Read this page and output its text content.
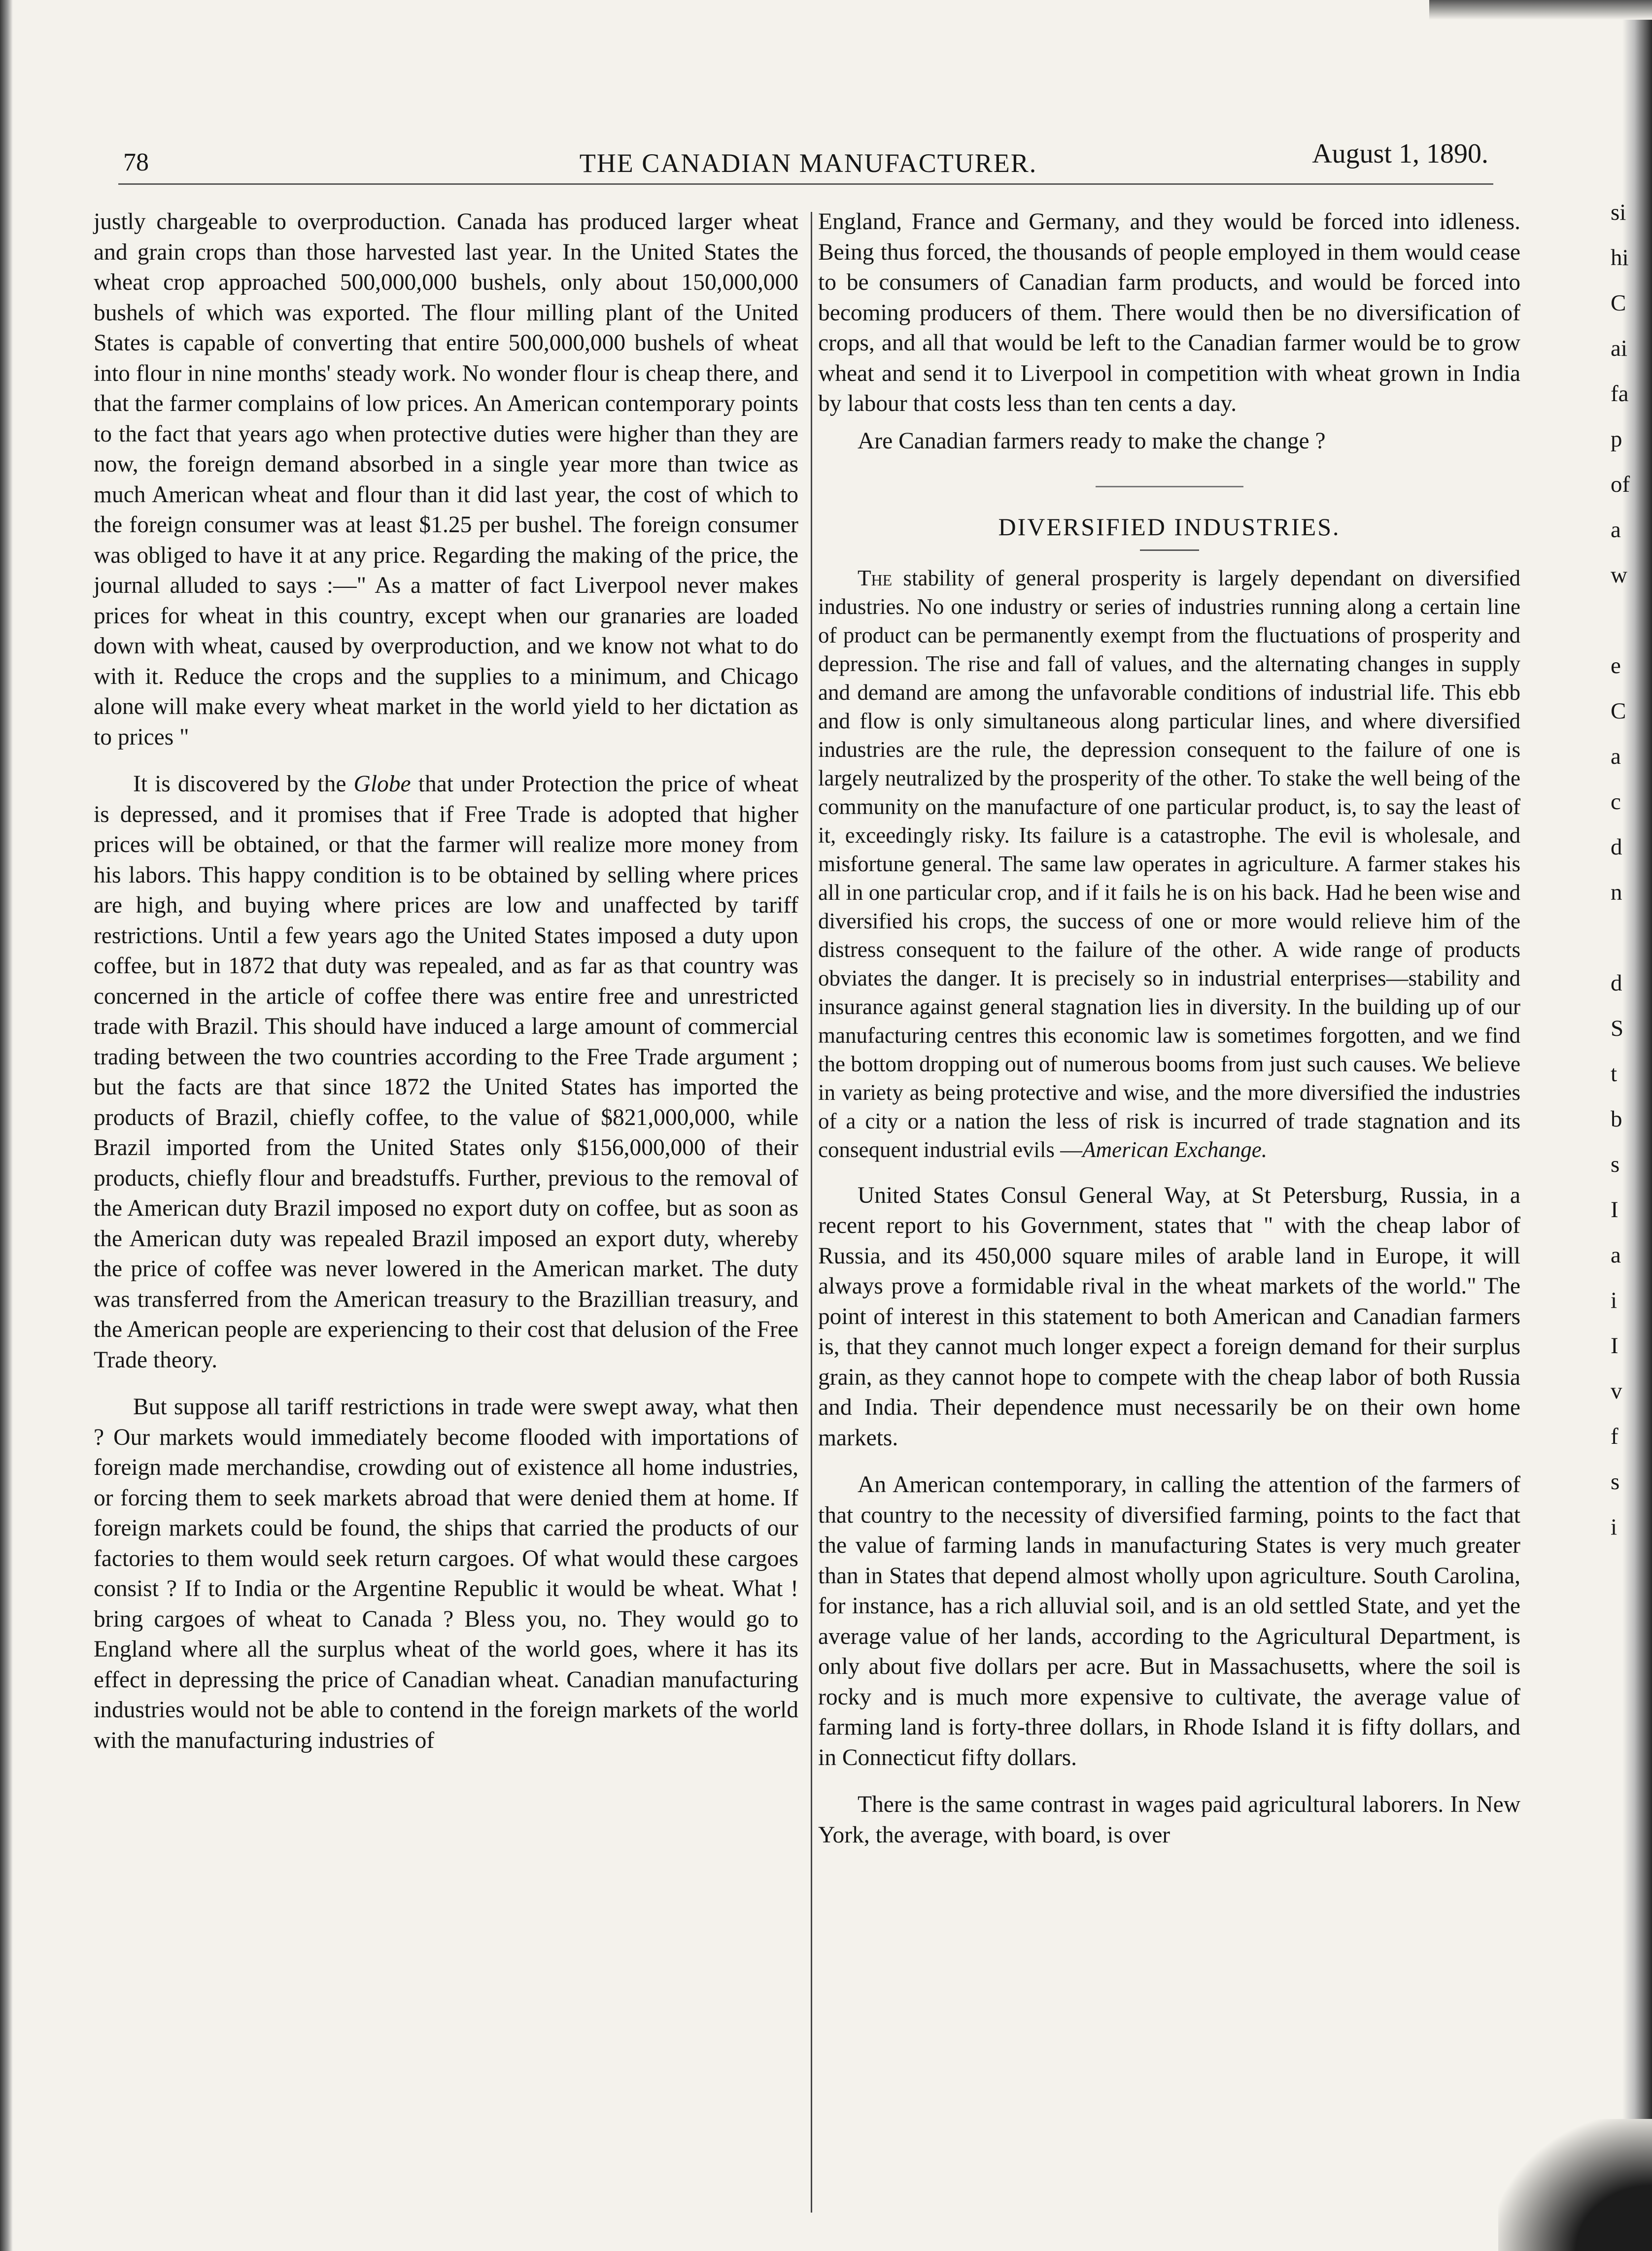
78	THE CANADIAN MANUFACTURER.	August 1, 1890.

justly chargeable to overproduction. Canada has produced larger wheat and grain crops than those harvested last year. In the United States the wheat crop approached 500,000,000 bushels, only about 150,000,000 bushels of which was exported. The flour milling plant of the United States is capable of converting that entire 500,000,000 bushels of wheat into flour in nine months' steady work. No wonder flour is cheap there, and that the farmer complains of low prices. An American contemporary points to the fact that years ago when protective duties were higher than they are now, the foreign demand absorbed in a single year more than twice as much American wheat and flour than it did last year, the cost of which to the foreign consumer was at least $1.25 per bushel. The foreign consumer was obliged to have it at any price. Regarding the making of the price, the journal alluded to says :—" As a matter of fact Liverpool never makes prices for wheat in this country, except when our granaries are loaded down with wheat, caused by overproduction, and we know not what to do with it. Reduce the crops and the supplies to a minimum, and Chicago alone will make every wheat market in the world yield to her dictation as to prices "

It is discovered by the Globe that under Protection the price of wheat is depressed, and it promises that if Free Trade is adopted that higher prices will be obtained, or that the farmer will realize more money from his labors. This happy condition is to be obtained by selling where prices are high, and buying where prices are low and unaffected by tariff restrictions. Until a few years ago the United States imposed a duty upon coffee, but in 1872 that duty was repealed, and as far as that country was concerned in the article of coffee there was entire free and unrestricted trade with Brazil. This should have induced a large amount of commercial trading between the two countries according to the Free Trade argument ; but the facts are that since 1872 the United States has imported the products of Brazil, chiefly coffee, to the value of $821,000,000, while Brazil imported from the United States only $156,000,000 of their products, chiefly flour and breadstuffs. Further, previous to the removal of the American duty Brazil imposed no export duty on coffee, but as soon as the American duty was repealed Brazil imposed an export duty, whereby the price of coffee was never lowered in the American market. The duty was transferred from the American treasury to the Brazillian treasury, and the American people are experiencing to their cost that delusion of the Free Trade theory.

But suppose all tariff restrictions in trade were swept away, what then ? Our markets would immediately become flooded with importations of foreign made merchandise, crowding out of existence all home industries, or forcing them to seek markets abroad that were denied them at home. If foreign markets could be found, the ships that carried the products of our factories to them would seek return cargoes. Of what would these cargoes consist ? If to India or the Argentine Republic it would be wheat. What ! bring cargoes of wheat to Canada ? Bless you, no. They would go to England where all the surplus wheat of the world goes, where it has its effect in depressing the price of Canadian wheat. Canadian manufacturing industries would not be able to contend in the foreign markets of the world with the manufacturing industries of

England, France and Germany, and they would be forced into idleness. Being thus forced, the thousands of people employed in them would cease to be consumers of Canadian farm products, and would be forced into becoming producers of them. There would then be no diversification of crops, and all that would be left to the Canadian farmer would be to grow wheat and send it to Liverpool in competition with wheat grown in India by labour that costs less than ten cents a day.

Are Canadian farmers ready to make the change ?

DIVERSIFIED INDUSTRIES.

The stability of general prosperity is largely dependant on diversified industries. No one industry or series of industries running along a certain line of product can be permanently exempt from the fluctuations of prosperity and depression. The rise and fall of values, and the alternating changes in supply and demand are among the unfavorable conditions of industrial life. This ebb and flow is only simultaneous along particular lines, and where diversified industries are the rule, the depression consequent to the failure of one is largely neutralized by the prosperity of the other. To stake the well being of the community on the manufacture of one particular product, is, to say the least of it, exceedingly risky. Its failure is a catastrophe. The evil is wholesale, and misfortune general. The same law operates in agriculture. A farmer stakes his all in one particular crop, and if it fails he is on his back. Had he been wise and diversified his crops, the success of one or more would relieve him of the distress consequent to the failure of the other. A wide range of products obviates the danger. It is precisely so in industrial enterprises—stability and insurance against general stagnation lies in diversity. In the building up of our manufacturing centres this economic law is sometimes forgotten, and we find the bottom dropping out of numerous booms from just such causes. We believe in variety as being protective and wise, and the more diversified the industries of a city or a nation the less of risk is incurred of trade stagnation and its consequent industrial evils —American Exchange.

United States Consul General Way, at St Petersburg, Russia, in a recent report to his Government, states that " with the cheap labor of Russia, and its 450,000 square miles of arable land in Europe, it will always prove a formidable rival in the wheat markets of the world." The point of interest in this statement to both American and Canadian farmers is, that they cannot much longer expect a foreign demand for their surplus grain, as they cannot hope to compete with the cheap labor of both Russia and India. Their dependence must necessarily be on their own home markets.

An American contemporary, in calling the attention of the farmers of that country to the necessity of diversified farming, points to the fact that the value of farming lands in manufacturing States is very much greater than in States that depend almost wholly upon agriculture. South Carolina, for instance, has a rich alluvial soil, and is an old settled State, and yet the average value of her lands, according to the Agricultural Department, is only about five dollars per acre. But in Massachusetts, where the soil is rocky and is much more expensive to cultivate, the average value of farming land is forty-three dollars, in Rhode Island it is fifty dollars, and in Connecticut fifty dollars.

There is the same contrast in wages paid agricultural laborers. In New York, the average, with board, is over

si
hi
C
ai
fa
p
of
a
w
e
C
a
c
d
n
d
S
t
b
s
I
a
i
I
v
f
s
i
